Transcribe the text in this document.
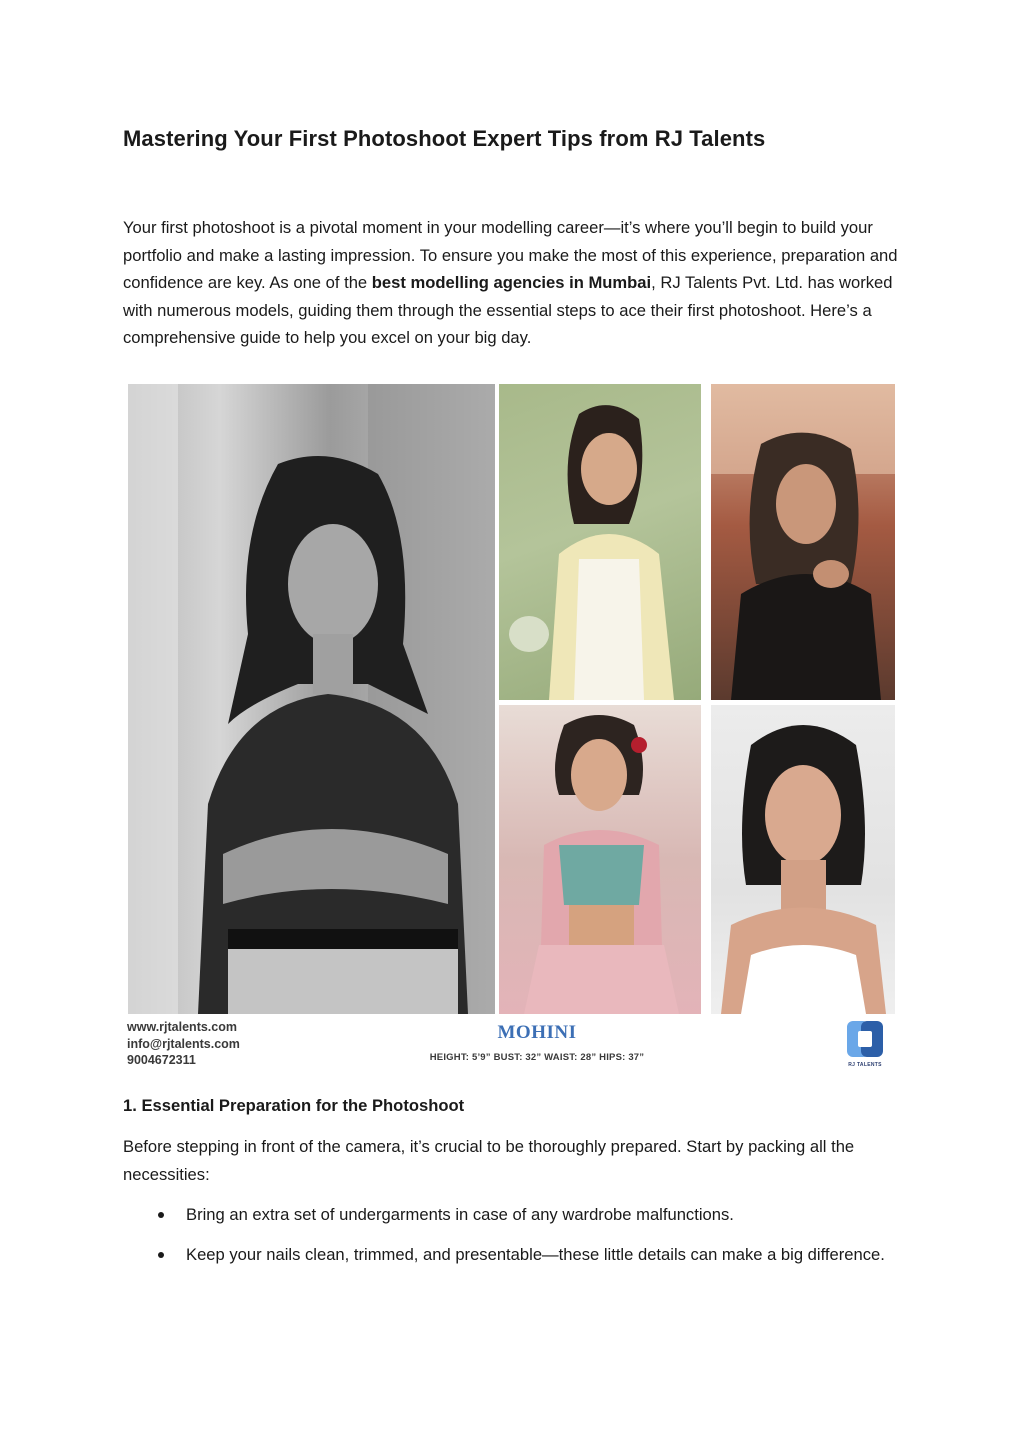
Mastering Your First Photoshoot Expert Tips from RJ Talents

Your first photoshoot is a pivotal moment in your modelling career—it’s where you’ll begin to build your portfolio and make a lasting impression. To ensure you make the most of this experience, preparation and confidence are key. As one of the best modelling agencies in Mumbai, RJ Talents Pvt. Ltd. has worked with numerous models, guiding them through the essential steps to ace their first photoshoot. Here’s a comprehensive guide to help you excel on your big day.

www.rjtalents.com
info@rjtalents.com
9004672311
MOHINI
HEIGHT: 5’9” BUST: 32” WAIST: 28” HIPS: 37”
RJ TALENTS
1. Essential Preparation for the Photoshoot

Before stepping in front of the camera, it’s crucial to be thoroughly prepared. Start by packing all the necessities:

Bring an extra set of undergarments in case of any wardrobe malfunctions.
Keep your nails clean, trimmed, and presentable—these little details can make a big difference.
